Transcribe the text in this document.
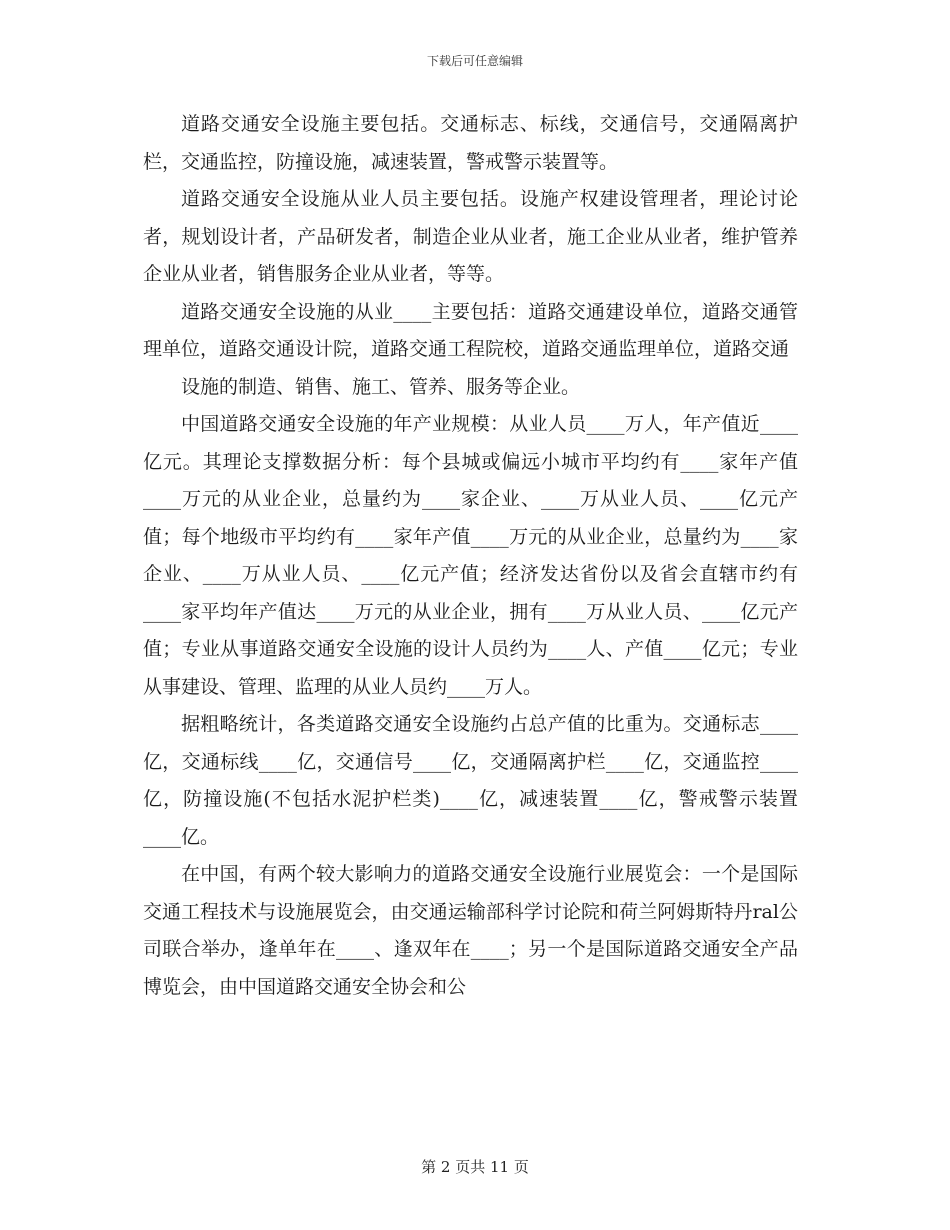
下载后可任意编辑

道路交通安全设施主要包括。交通标志、标线，交通信号，交通隔离护栏，交通监控，防撞设施，减速装置，警戒警示装置等。

道路交通安全设施从业人员主要包括。设施产权建设管理者，理论讨论者，规划设计者，产品研发者，制造企业从业者，施工企业从业者，维护管养企业从业者，销售服务企业从业者，等等。

道路交通安全设施的从业____主要包括：道路交通建设单位，道路交通管理单位，道路交通设计院，道路交通工程院校，道路交通监理单位，道路交通

设施的制造、销售、施工、管养、服务等企业。

中国道路交通安全设施的年产业规模：从业人员____万人，年产值近____亿元。其理论支撑数据分析：每个县城或偏远小城市平均约有____家年产值____万元的从业企业，总量约为____家企业、____万从业人员、____亿元产值；每个地级市平均约有____家年产值____万元的从业企业，总量约为____家企业、____万从业人员、____亿元产值；经济发达省份以及省会直辖市约有____家平均年产值达____万元的从业企业，拥有____万从业人员、____亿元产值；专业从事道路交通安全设施的设计人员约为____人、产值____亿元；专业从事建设、管理、监理的从业人员约____万人。

据粗略统计，各类道路交通安全设施约占总产值的比重为。交通标志____亿，交通标线____亿，交通信号____亿，交通隔离护栏____亿，交通监控____亿，防撞设施(不包括水泥护栏类)____亿，减速装置____亿，警戒警示装置____亿。

在中国，有两个较大影响力的道路交通安全设施行业展览会：一个是国际交通工程技术与设施展览会，由交通运输部科学讨论院和荷兰阿姆斯特丹ral公司联合举办，逢单年在____、逢双年在____；另一个是国际道路交通安全产品博览会，由中国道路交通安全协会和公

第 2 页共 11 页
